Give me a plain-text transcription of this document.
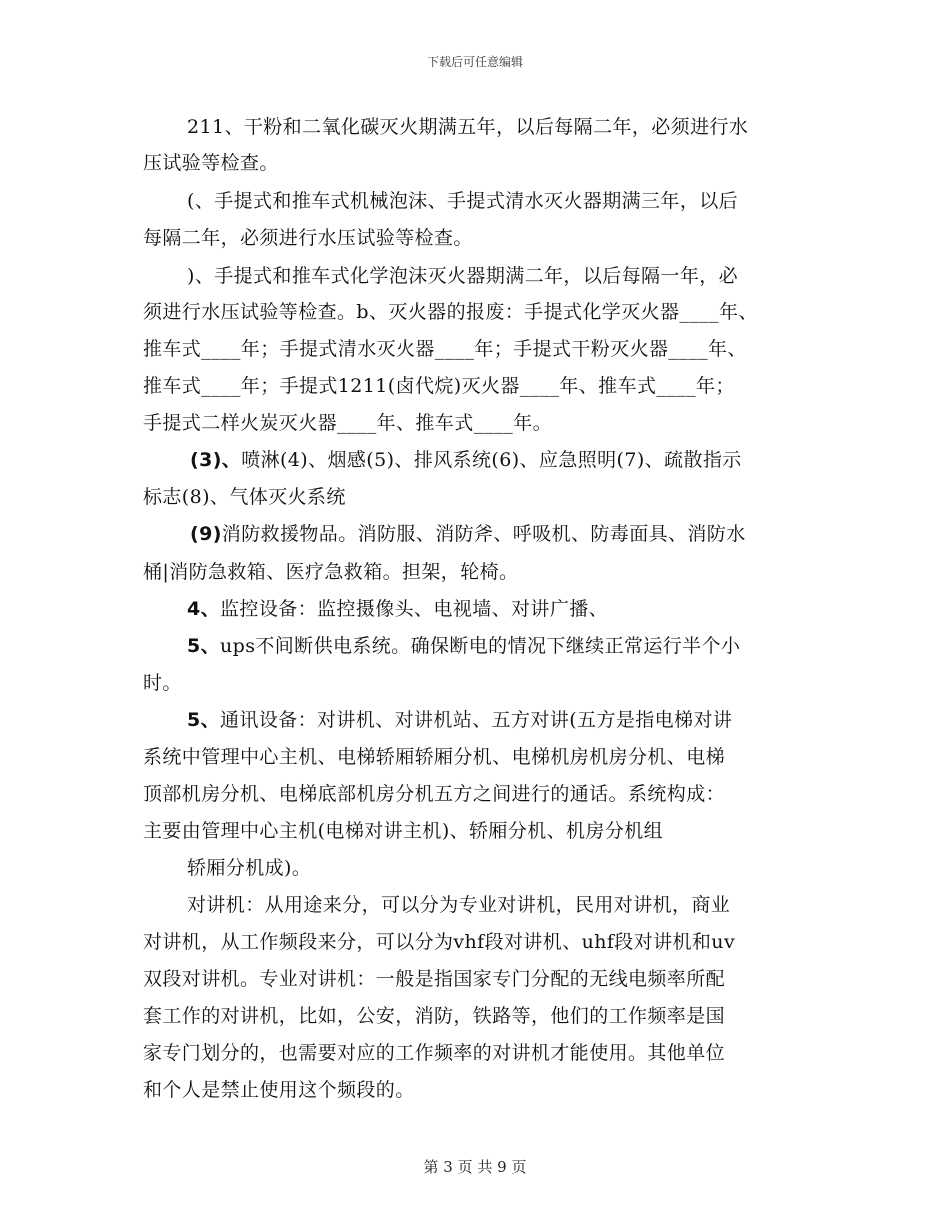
下载后可任意编辑
211、干粉和二氧化碳灭火期满五年，以后每隔二年，必须进行水
压试验等检查。
(、手提式和推车式机械泡沫、手提式清水灭火器期满三年，以后
每隔二年，必须进行水压试验等检查。
)、手提式和推车式化学泡沫灭火器期满二年，以后每隔一年，必
须进行水压试验等检查。b、灭火器的报废：手提式化学灭火器____年、
推车式____年；手提式清水灭火器____年；手提式干粉灭火器____年、
推车式____年；手提式1211(卤代烷)灭火器____年、推车式____年；
手提式二样火炭灭火器____年、推车式____年。
(3)、喷淋(4)、烟感(5)、排风系统(6)、应急照明(7)、疏散指示
标志(8)、气体灭火系统
(9)消防救援物品。消防服、消防斧、呼吸机、防毒面具、消防水
桶|消防急救箱、医疗急救箱。担架，轮椅。
4、监控设备：监控摄像头、电视墙、对讲广播、
5、ups不间断供电系统。确保断电的情况下继续正常运行半个小
时。
5、通讯设备：对讲机、对讲机站、五方对讲(五方是指电梯对讲
系统中管理中心主机、电梯轿厢轿厢分机、电梯机房机房分机、电梯
顶部机房分机、电梯底部机房分机五方之间进行的通话。系统构成：
主要由管理中心主机(电梯对讲主机)、轿厢分机、机房分机组
轿厢分机成)。
对讲机：从用途来分，可以分为专业对讲机，民用对讲机，商业
对讲机，从工作频段来分，可以分为vhf段对讲机、uhf段对讲机和uv
双段对讲机。专业对讲机：一般是指国家专门分配的无线电频率所配
套工作的对讲机，比如，公安，消防，铁路等，他们的工作频率是国
家专门划分的，也需要对应的工作频率的对讲机才能使用。其他单位
和个人是禁止使用这个频段的。
第 3 页 共 9 页
